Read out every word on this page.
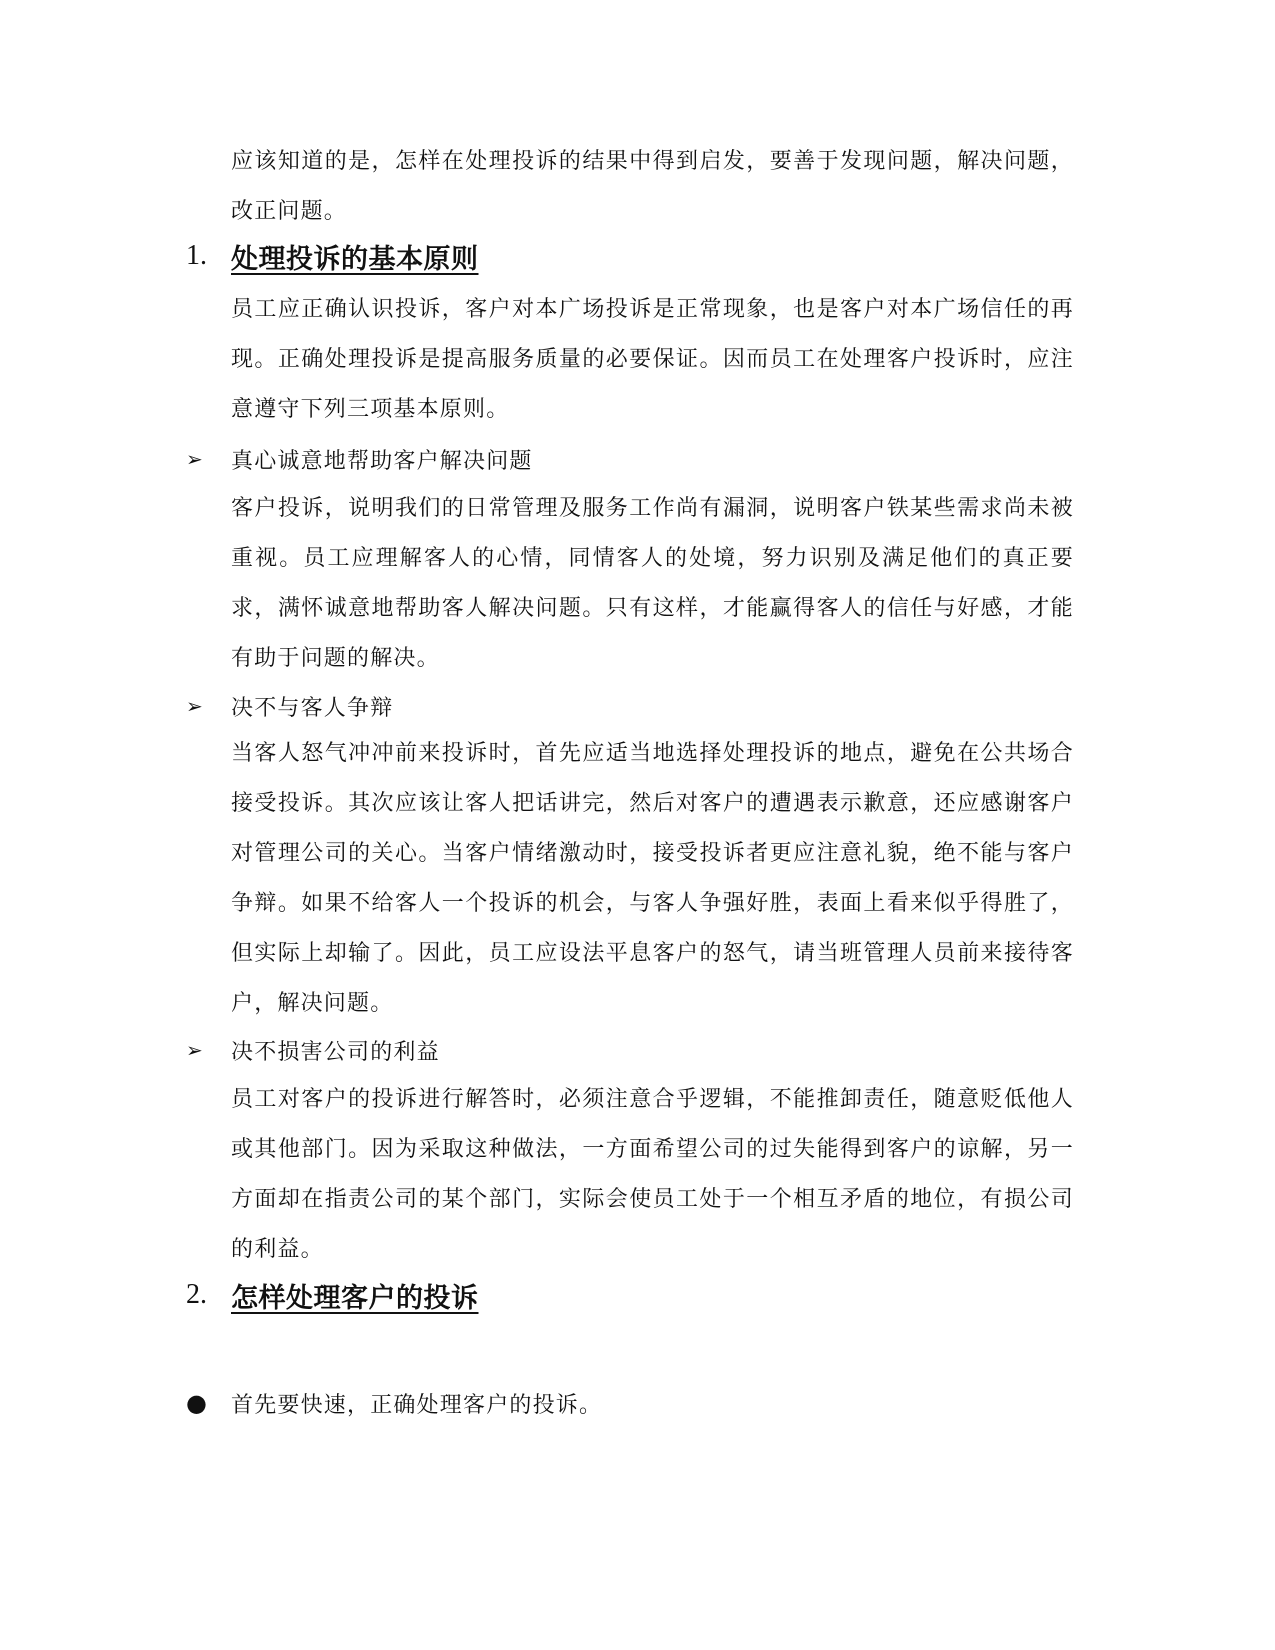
应该知道的是，怎样在处理投诉的结果中得到启发，要善于发现问题，解决问题，改正问题。

1. 处理投诉的基本原则

员工应正确认识投诉，客户对本广场投诉是正常现象，也是客户对本广场信任的再现。正确处理投诉是提高服务质量的必要保证。因而员工在处理客户投诉时，应注意遵守下列三项基本原则。

➢	真心诚意地帮助客户解决问题

客户投诉，说明我们的日常管理及服务工作尚有漏洞，说明客户铁某些需求尚未被重视。员工应理解客人的心情，同情客人的处境，努力识别及满足他们的真正要求，满怀诚意地帮助客人解决问题。只有这样，才能赢得客人的信任与好感，才能有助于问题的解决。

➢	决不与客人争辩

当客人怒气冲冲前来投诉时，首先应适当地选择处理投诉的地点，避免在公共场合接受投诉。其次应该让客人把话讲完，然后对客户的遭遇表示歉意，还应感谢客户对管理公司的关心。当客户情绪激动时，接受投诉者更应注意礼貌，绝不能与客户争辩。如果不给客人一个投诉的机会，与客人争强好胜，表面上看来似乎得胜了，但实际上却输了。因此，员工应设法平息客户的怒气，请当班管理人员前来接待客户，解决问题。

➢	决不损害公司的利益

员工对客户的投诉进行解答时，必须注意合乎逻辑，不能推卸责任，随意贬低他人或其他部门。因为采取这种做法，一方面希望公司的过失能得到客户的谅解，另一方面却在指责公司的某个部门，实际会使员工处于一个相互矛盾的地位，有损公司的利益。

2. 怎样处理客户的投诉
●	首先要快速，正确处理客户的投诉。
